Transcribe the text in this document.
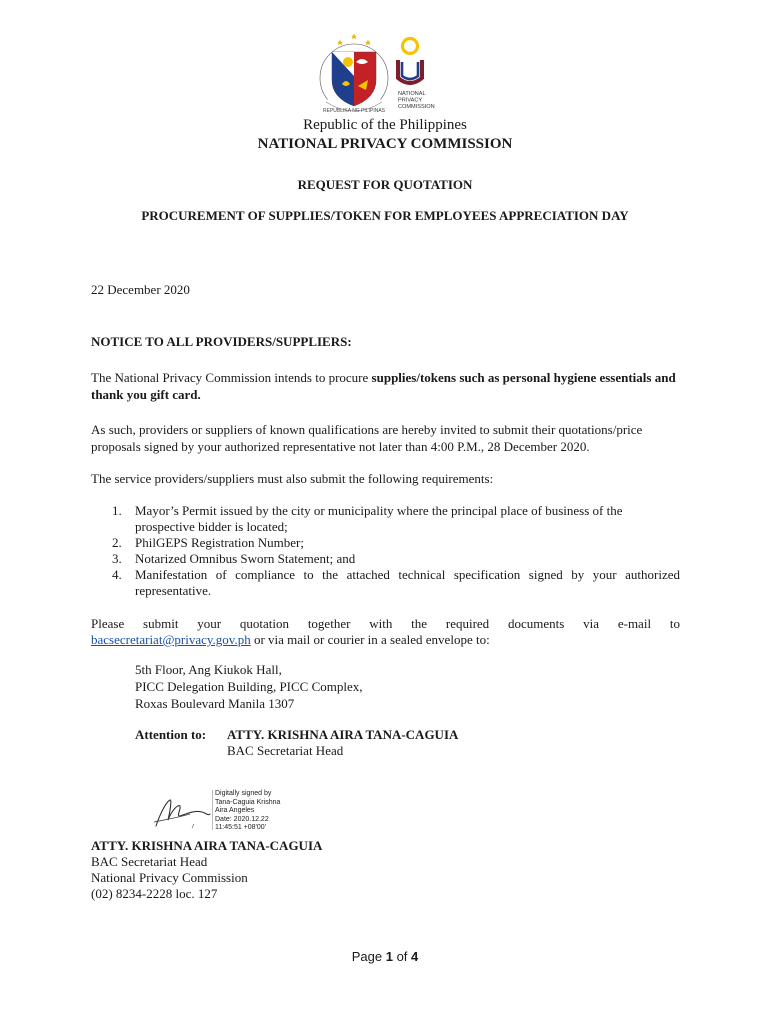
REPUBLIKA NG PILIPINAS
NATIONAL
PRIVACY
COMMISSION
Republic of the Philippines
NATIONAL PRIVACY COMMISSION
REQUEST FOR QUOTATION
PROCUREMENT OF SUPPLIES/TOKEN FOR EMPLOYEES APPRECIATION DAY
22 December 2020
NOTICE TO ALL PROVIDERS/SUPPLIERS:
The National Privacy Commission intends to procure supplies/tokens such as personal hygiene essentials and thank you gift card.
As such, providers or suppliers of known qualifications are hereby invited to submit their quotations/price proposals signed by your authorized representative not later than 4:00 P.M., 28 December 2020.
The service providers/suppliers must also submit the following requirements:
1. Mayor’s Permit issued by the city or municipality where the principal place of business of the prospective bidder is located;
2. PhilGEPS Registration Number;
3. Notarized Omnibus Sworn Statement; and
4. Manifestation of compliance to the attached technical specification signed by your authorized representative.
Please submit your quotation together with the required documents via e-mail to
bacsecretariat@privacy.gov.ph or via mail or courier in a sealed envelope to:
5th Floor, Ang Kiukok Hall,
PICC Delegation Building, PICC Complex,
Roxas Boulevard Manila 1307
Attention to: ATTY. KRISHNA AIRA TANA-CAGUIA
BAC Secretariat Head
Digitally signed by
Tana-Caguia Krishna
Aira Angeles
Date: 2020.12.22
11:45:51 +08'00'
ATTY. KRISHNA AIRA TANA-CAGUIA
BAC Secretariat Head
National Privacy Commission
(02) 8234-2228 loc. 127
Page 1 of 4
